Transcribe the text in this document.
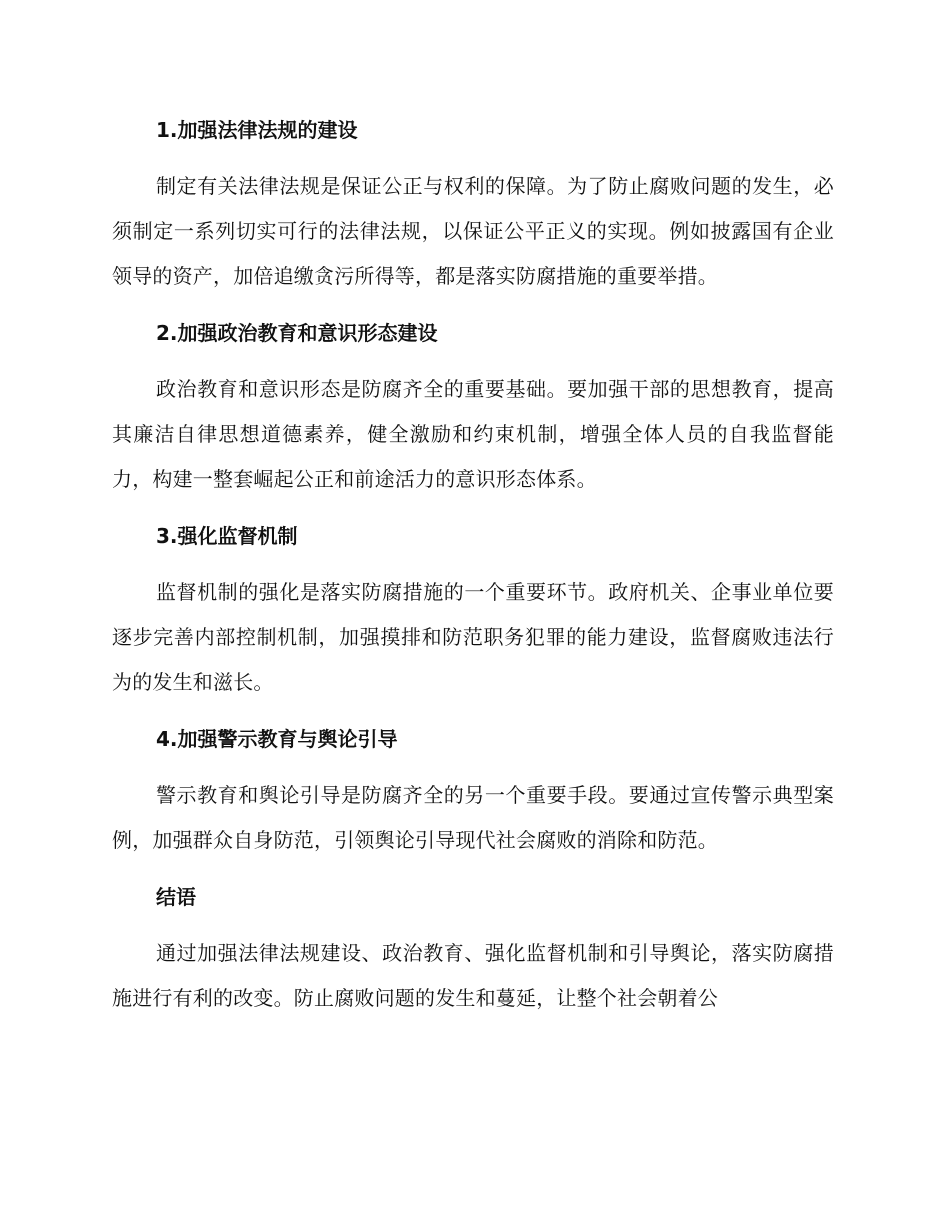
1.加强法律法规的建设

制定有关法律法规是保证公正与权利的保障。为了防止腐败问题的发生，必须制定一系列切实可行的法律法规，以保证公平正义的实现。例如披露国有企业领导的资产，加倍追缴贪污所得等，都是落实防腐措施的重要举措。

2.加强政治教育和意识形态建设

政治教育和意识形态是防腐齐全的重要基础。要加强干部的思想教育，提高其廉洁自律思想道德素养，健全激励和约束机制，增强全体人员的自我监督能力，构建一整套崛起公正和前途活力的意识形态体系。

3.强化监督机制

监督机制的强化是落实防腐措施的一个重要环节。政府机关、企事业单位要逐步完善内部控制机制，加强摸排和防范职务犯罪的能力建设，监督腐败违法行为的发生和滋长。

4.加强警示教育与舆论引导

警示教育和舆论引导是防腐齐全的另一个重要手段。要通过宣传警示典型案例，加强群众自身防范，引领舆论引导现代社会腐败的消除和防范。

结语

通过加强法律法规建设、政治教育、强化监督机制和引导舆论，落实防腐措施进行有利的改变。防止腐败问题的发生和蔓延，让整个社会朝着公
